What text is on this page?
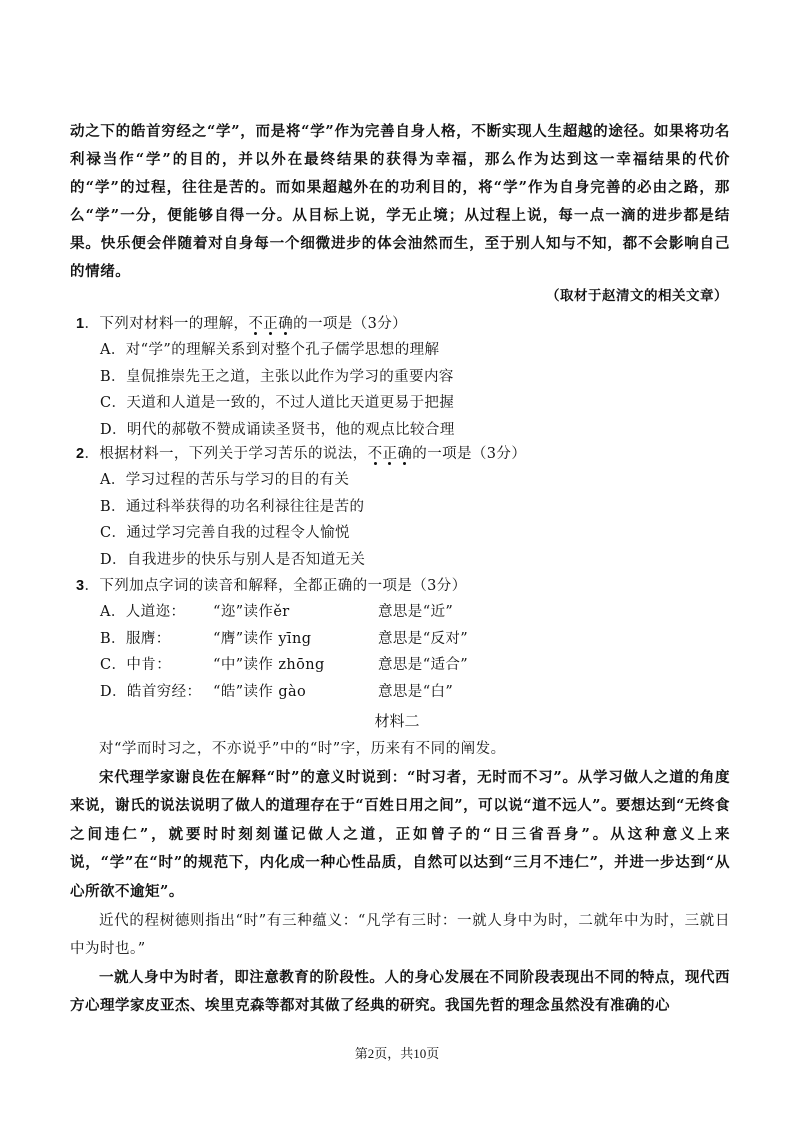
动之下的皓首穷经之“学”，而是将“学”作为完善自身人格，不断实现人生超越的途径。如果将功名利禄当作“学”的目的，并以外在最终结果的获得为幸福，那么作为达到这一幸福结果的代价的“学”的过程，往往是苦的。而如果超越外在的功利目的，将“学”作为自身完善的必由之路，那么“学”一分，便能够自得一分。从目标上说，学无止境；从过程上说，每一点一滴的进步都是结果。快乐便会伴随着对自身每一个细微进步的体会油然而生，至于别人知与不知，都不会影响自己的情绪。
（取材于赵清文的相关文章）
1．下列对材料一的理解，不正确的一项是（3分）
A．对“学”的理解关系到对整个孔子儒学思想的理解
B．皇侃推崇先王之道，主张以此作为学习的重要内容
C．天道和人道是一致的，不过人道比天道更易于把握
D．明代的郝敬不赞成诵读圣贤书，他的观点比较合理
2．根据材料一，下列关于学习苦乐的说法，不正确的一项是（3分）
A．学习过程的苦乐与学习的目的有关
B．通过科举获得的功名利禄往往是苦的
C．通过学习完善自我的过程令人愉悦
D．自我进步的快乐与别人是否知道无关
3．下列加点字词的读音和解释，全都正确的一项是（3分）
A．人道迩：	“迩”读作ěr	意思是“近”
B．服膺：	“膺”读作 yīng	意思是“反对”
C．中肯：	“中”读作 zhōng	意思是“适合”
D．皓首穷经： “皓”读作 gào	意思是“白”
材料二

对“学而时习之，不亦说乎”中的“时”字，历来有不同的阐发。

宋代理学家谢良佐在解释“时”的意义时说到：“时习者，无时而不习”。从学习做人之道的角度来说，谢氏的说法说明了做人的道理存在于“百姓日用之间”，可以说“道不远人”。要想达到“无终食之间违仁”，就要时时刻刻谨记做人之道，正如曾子的“日三省吾身”。从这种意义上来说，“学”在“时”的规范下，内化成一种心性品质，自然可以达到“三月不违仁”，并进一步达到“从心所欲不逾矩”。

近代的程树德则指出“时”有三种蕴义：“凡学有三时：一就人身中为时，二就年中为时，三就日中为时也。”

一就人身中为时者，即注意教育的阶段性。人的身心发展在不同阶段表现出不同的特点，现代西方心理学家皮亚杰、埃里克森等都对其做了经典的研究。我国先哲的理念虽然没有准确的心

第2页，共10页
